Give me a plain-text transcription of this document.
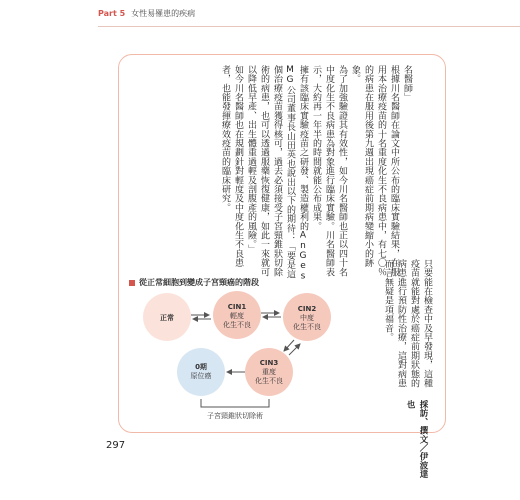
Part 5 女性易罹患的疾病

名醫師」

根據川名醫師在論文中所公布的臨床實驗結果，在服用本治療疫苗的十名重度化生不良病患中，有七〇％的病患在服用後第九週出現癌症前期病變縮小的跡象。

為了加強驗證其有效性，如今川名醫師也正以四十名中度化生不良病患為對象進行臨床實驗。川名醫師表示，大約再一年半的時間就能公布成果。

擁有該臨床實驗疫苗之研發、製造權利的AnGes MG公司董事長山田英也說出以下的期待：「要是這個治療疫苗獲得核可，過去必須接受子宮頸錐狀切除術的病患，也可以透過服藥恢復健康，如此一來就可以降低早產、出生體重過輕及剖腹產的風險。」

如今川名醫師也在規劃針對輕度及中度化生不良患者，也能發揮療效疫苗的臨床研究。

只要能在檢查中及早發現，這種疫苗就能對處於癌症前期狀態的病患進行預防性治療，這對病患而言無疑是項福音。

採訪、撰文／伊波達也
從正常細胞到變成子宮頸癌的階段
正常
CIN1
輕度
化生不良
CIN2
中度
化生不良
CIN3
重度
化生不良
0期
原位癌
子宮頸錐狀切除術
297
